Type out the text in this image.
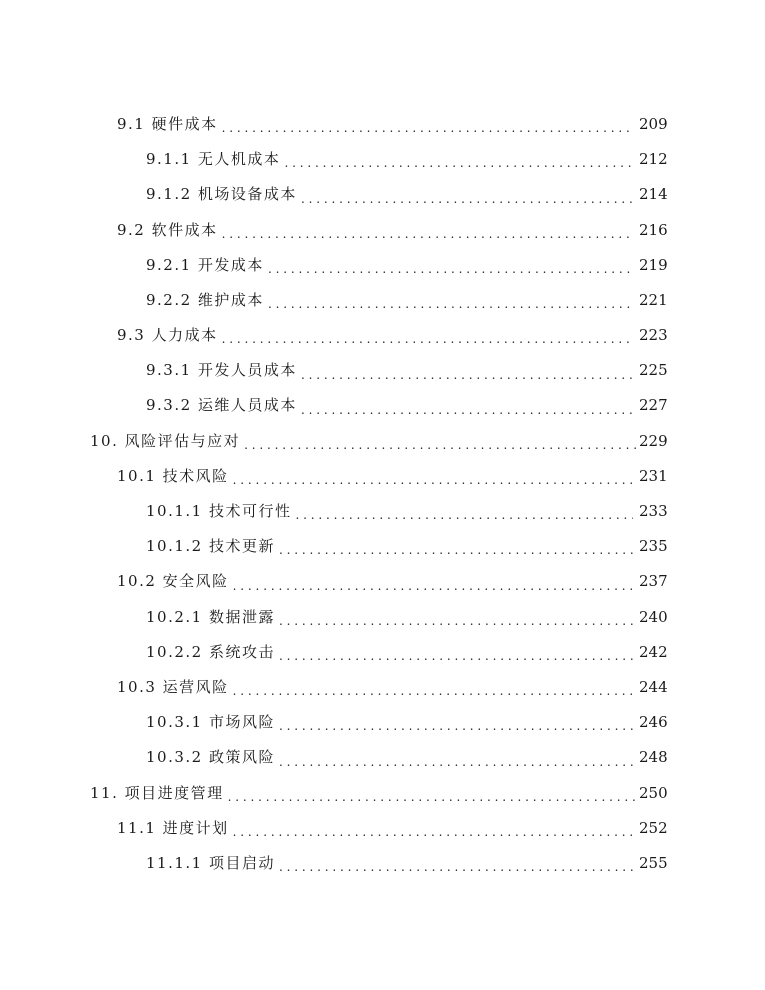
9.1 硬件成本 . . .	209
9.1.1 无人机成本 . . .	212
9.1.2 机场设备成本 . . .	214
9.2 软件成本 . . .	216
9.2.1 开发成本 . . .	219
9.2.2 维护成本 . . .	221
9.3 人力成本 . . .	223
9.3.1 开发人员成本 . . .	225
9.3.2 运维人员成本 . . .	227
10. 风险评估与应对 . . .	229
10.1 技术风险 . . .	231
10.1.1 技术可行性 . . .	233
10.1.2 技术更新 . . .	235
10.2 安全风险 . . .	237
10.2.1 数据泄露 . . .	240
10.2.2 系统攻击 . . .	242
10.3 运营风险 . . .	244
10.3.1 市场风险 . . .	246
10.3.2 政策风险 . . .	248
11. 项目进度管理 . . .	250
11.1 进度计划 . . .	252
11.1.1 项目启动 . . .	255
